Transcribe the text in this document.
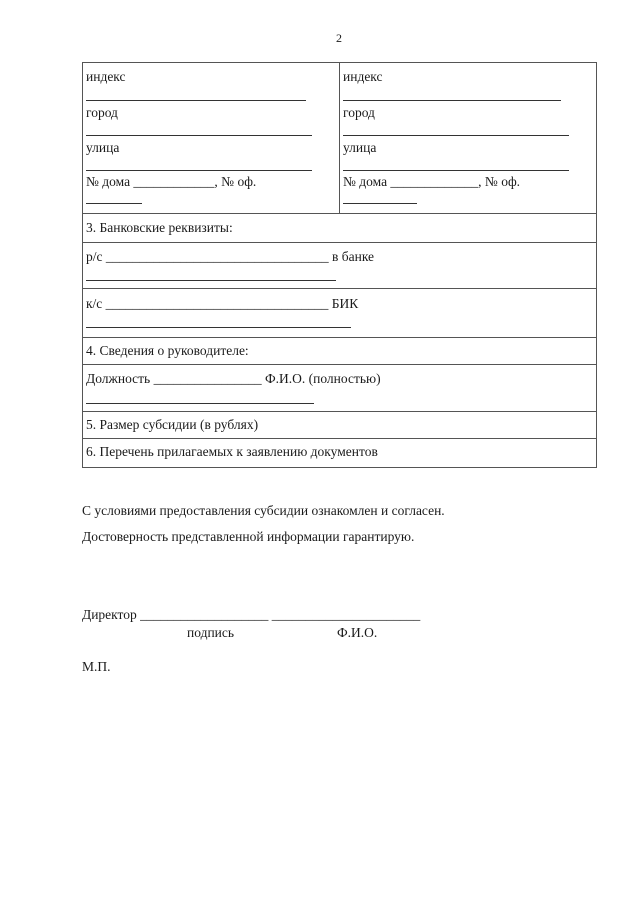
2
индекс
город
улица
№ дома ____________, № оф.

индекс
город
улица
№ дома _____________, № оф.

3. Банковские реквизиты:

р/с _________________________________ в банке

к/с _________________________________ БИК

4. Сведения о руководителе:

Должность ________________ Ф.И.О. (полностью)

5. Размер субсидии (в рублях)

6. Перечень прилагаемых к заявлению документов
С условиями предоставления субсидии ознакомлен и согласен.
Достоверность представленной информации гарантирую.
Директор ___________________ ______________________
подпись	Ф.И.О.
М.П.
